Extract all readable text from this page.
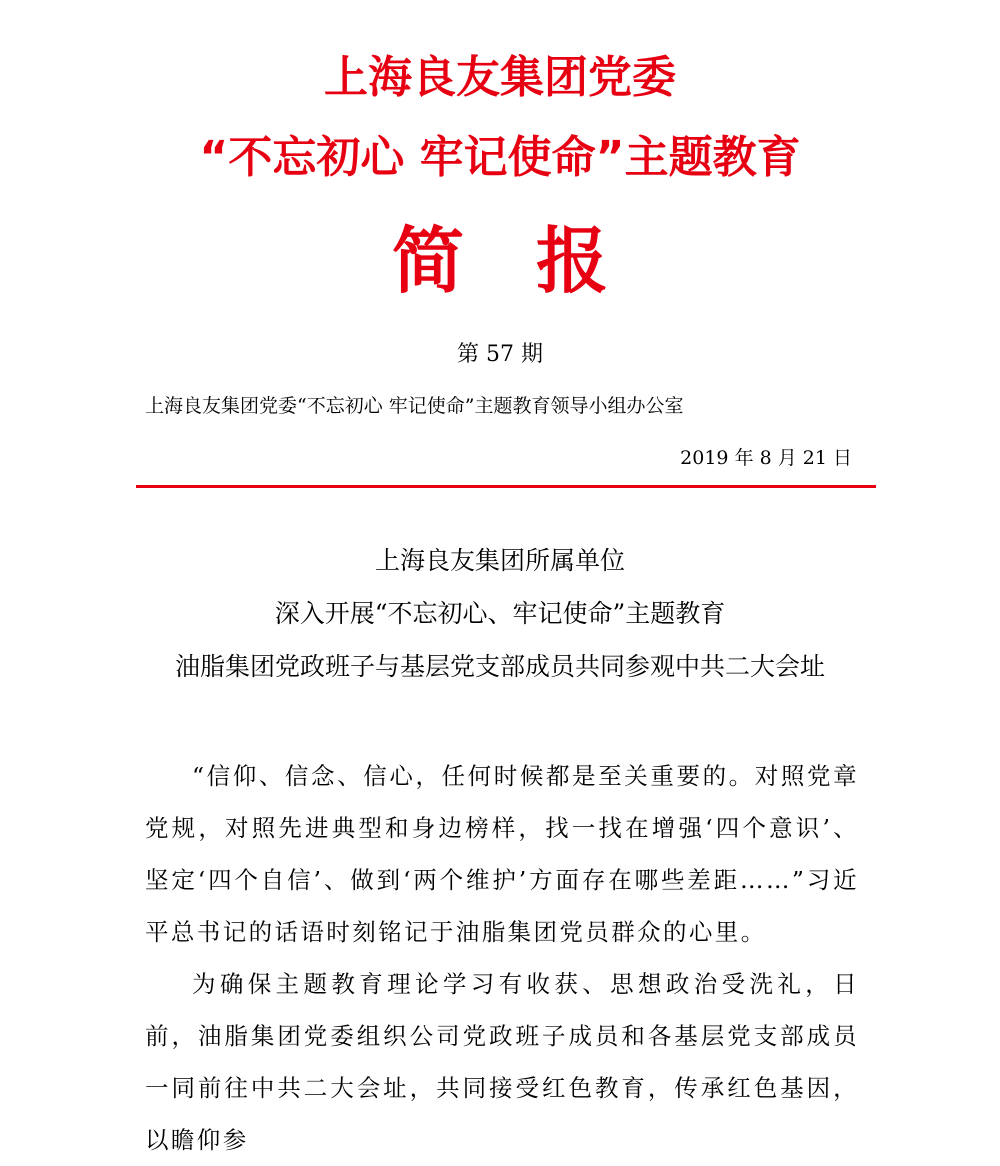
上海良友集团党委
“不忘初心 牢记使命”主题教育
简报
第 57 期
上海良友集团党委“不忘初心 牢记使命”主题教育领导小组办公室
2019 年 8 月 21 日
上海良友集团所属单位
深入开展“不忘初心、牢记使命”主题教育
油脂集团党政班子与基层党支部成员共同参观中共二大会址

“信仰、信念、信心，任何时候都是至关重要的。对照党章党规，对照先进典型和身边榜样，找一找在增强‘四个意识’、坚定‘四个自信’、做到‘两个维护’方面存在哪些差距……”习近平总书记的话语时刻铭记于油脂集团党员群众的心里。

为确保主题教育理论学习有收获、思想政治受洗礼，日前，油脂集团党委组织公司党政班子成员和各基层党支部成员一同前往中共二大会址，共同接受红色教育，传承红色基因，以瞻仰参
